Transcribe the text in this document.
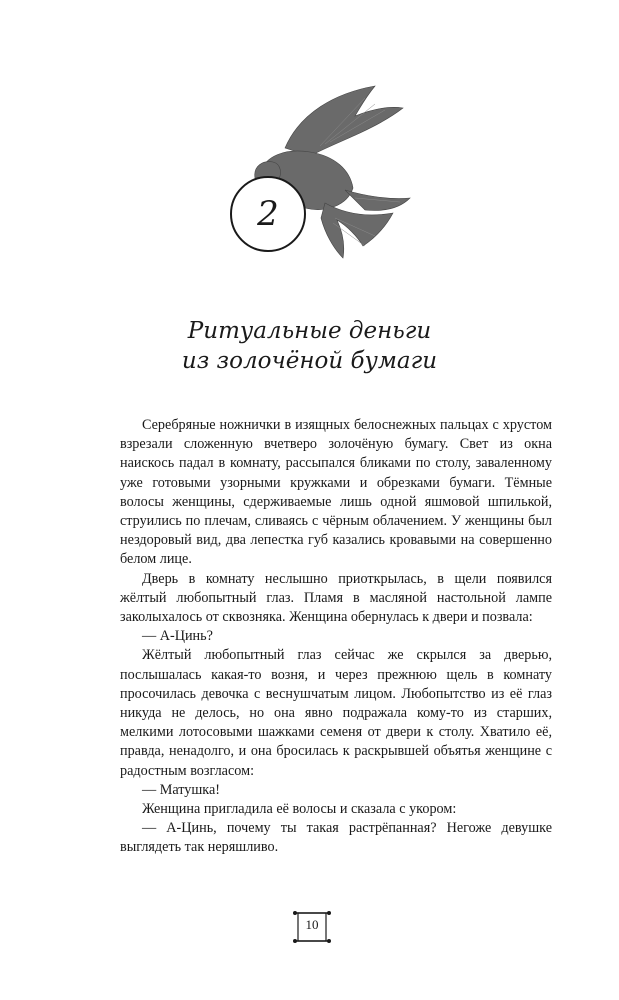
2
Ритуальные деньги
из золочёной бумаги

Серебряные ножнички в изящных белоснежных пальцах с хрустом взрезали сложенную вчетверо золочёную бумагу. Свет из окна наискось падал в комнату, рассыпался бликами по столу, заваленному уже готовыми узорными кружками и обрезками бумаги. Тёмные волосы женщины, сдерживаемые лишь одной яшмовой шпилькой, струились по плечам, сливаясь с чёрным облачением. У женщины был нездоровый вид, два лепестка губ казались кровавыми на совершенно белом лице.

Дверь в комнату неслышно приоткрылась, в щели появился жёлтый любопытный глаз. Пламя в масляной настольной лампе заколыхалось от сквозняка. Женщина обернулась к двери и позвала:

— А-Цинь?

Жёлтый любопытный глаз сейчас же скрылся за дверью, послышалась какая-то возня, и через прежнюю щель в комнату просочилась девочка с веснушчатым лицом. Любопытство из её глаз никуда не делось, но она явно подражала кому-то из старших, мелкими лотосовыми шажками семеня от двери к столу. Хватило её, правда, ненадолго, и она бросилась к раскрывшей объятья женщине с радостным возгласом:

— Матушка!

Женщина пригладила её волосы и сказала с укором:

— А-Цинь, почему ты такая растрёпанная? Негоже девушке выглядеть так неряшливо.

10
